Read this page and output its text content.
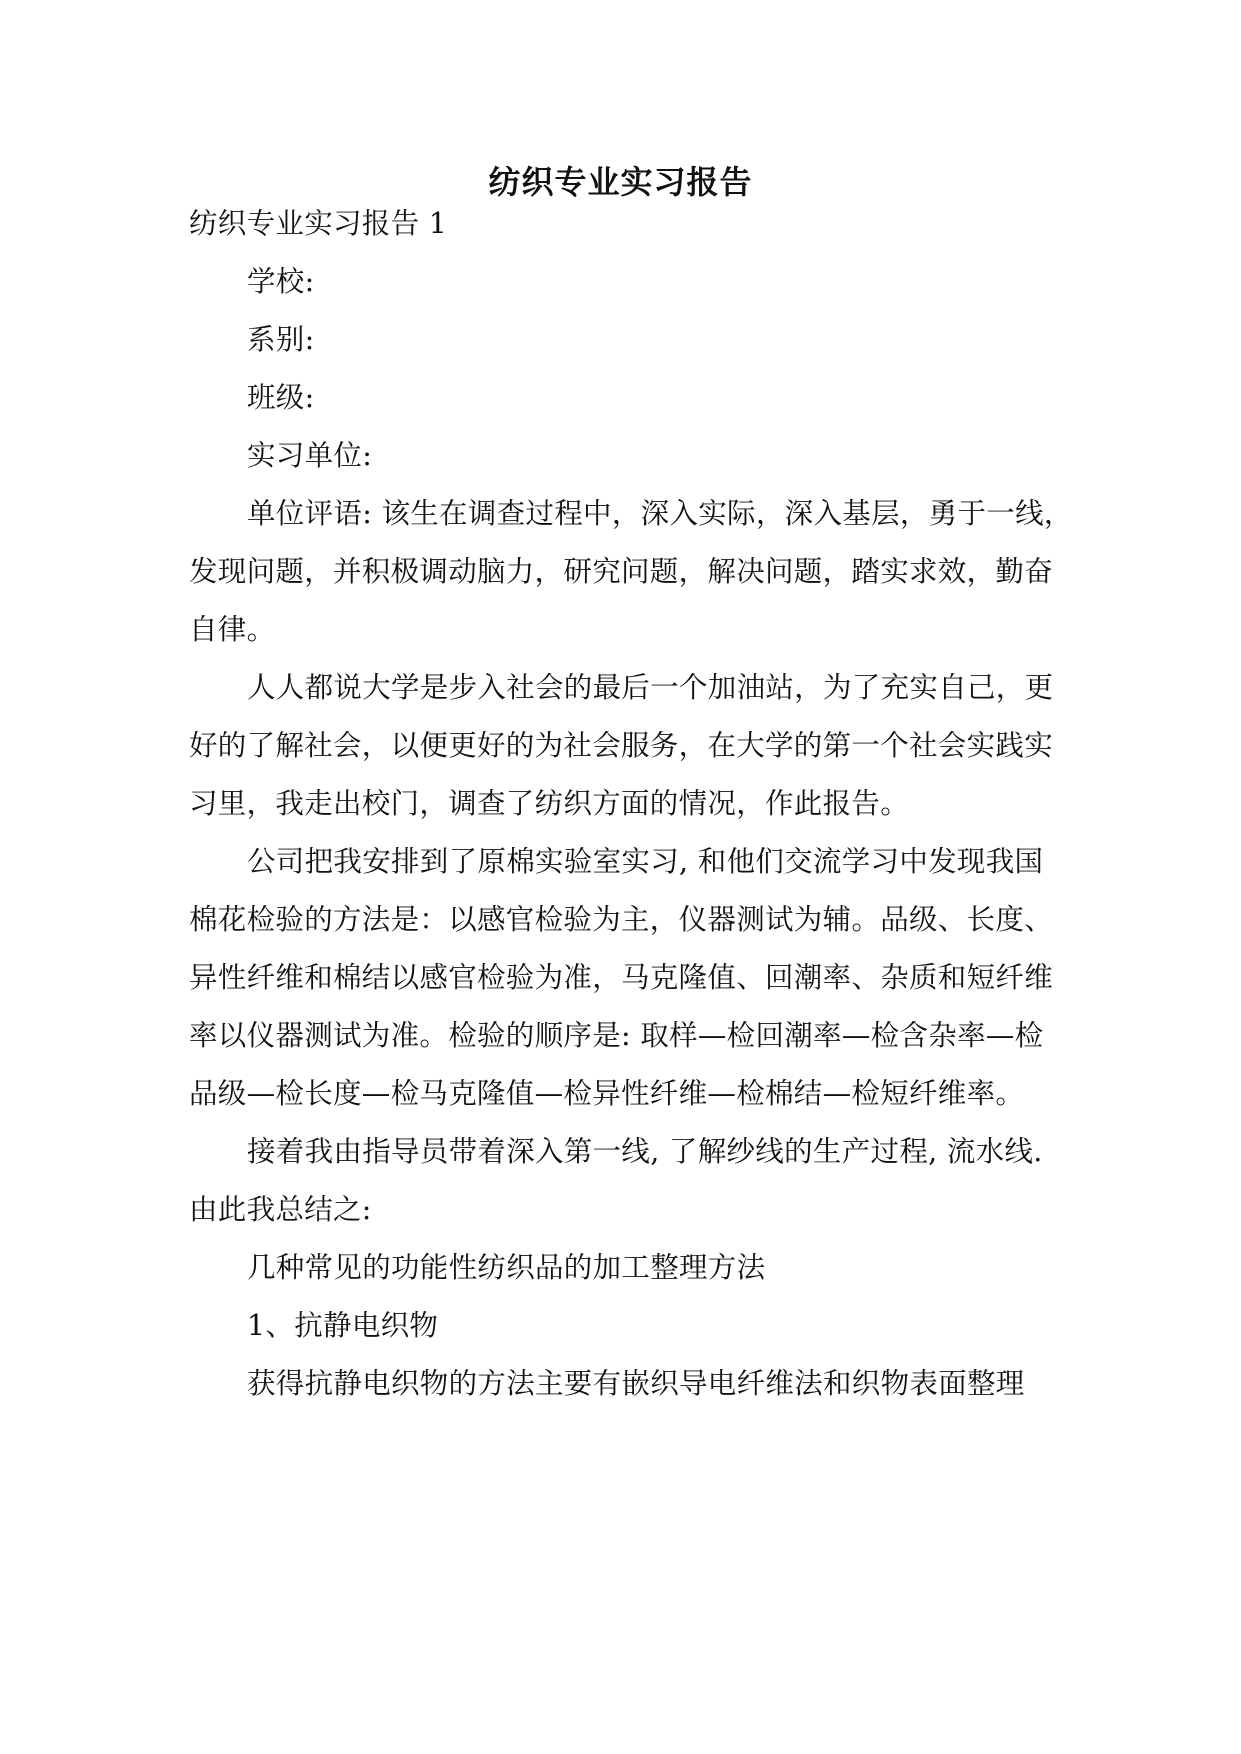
纺织专业实习报告
纺织专业实习报告 1
学校:
系别:
班级:
实习单位:
单位评语: 该生在调查过程中，深入实际，深入基层，勇于一线，
发现问题，并积极调动脑力，研究问题，解决问题，踏实求效，勤奋
自律。
人人都说大学是步入社会的最后一个加油站，为了充实自己，更
好的了解社会，以便更好的为社会服务，在大学的第一个社会实践实
习里，我走出校门，调查了纺织方面的情况，作此报告。
公司把我安排到了原棉实验室实习, 和他们交流学习中发现我国
棉花检验的方法是：以感官检验为主，仪器测试为辅。品级、长度、
异性纤维和棉结以感官检验为准，马克隆值、回潮率、杂质和短纤维
率以仪器测试为准。检验的顺序是: 取样—检回潮率—检含杂率—检
品级—检长度—检马克隆值—检异性纤维—检棉结—检短纤维率。
接着我由指导员带着深入第一线, 了解纱线的生产过程, 流水线.
由此我总结之:
几种常见的功能性纺织品的加工整理方法
1、抗静电织物
获得抗静电织物的方法主要有嵌织导电纤维法和织物表面整理
